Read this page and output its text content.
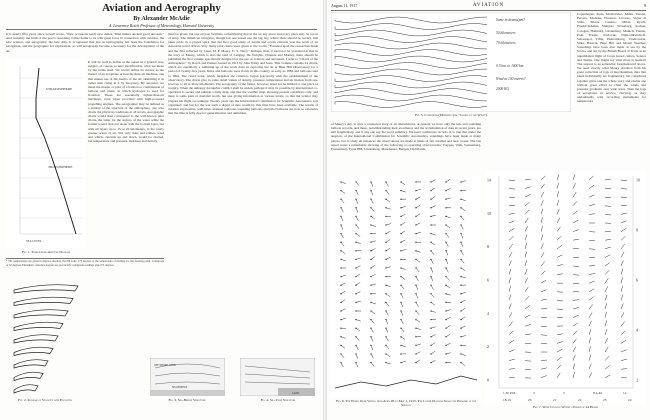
Aviation and Aerography
By Alexander McAdie
A. Lawrence Rotch Professor of Meteorology, Harvard University
It is nearly fifty years since Lowell wrote, "New occasions teach new duties. Time makes ancient good uncouth." And certainly the truth of the poet's reasoning comes home to us with great force in connection with aviation, the new science, and aerography, the new duty. It is apparent that just as hydrography has been the foundation for navigation, and the geographer for exploration, so will aerography become a necessity for the development of the air.
It will be well to define at the outset in a general way, subject, of course, to later modification, what we mean by the terms used. We would define an aviator as the master of an aeroplane or heavier-than-air machine, one that makes use of the inertia of the air, skimming it as rather than rising in it by buoyancy. By aeronaut, we mean the master or pilot of a balloon or combination of balloon and plane, in which hydrogen is used for flotation. These are essentially lighter-than-air machines, even when provided with high-powered propelling engines. The aerographer may be defined as a student of the structure of the atmosphere, one who charts the physical conditions at all levels. Aerographic charts would then correspond to the well-known pilot charts, the latter for the surface of the water while the former would deal not alone with the bottom layer, but with all layers up to 15 or 20 kilometers, in the vastly greater ocean of air. Not only tides and eddies, wind and whirls, currents up and down, would be charted, but temperature and pressure, moisture and density.
must be given, but one all past facilities, remembering that in the air any place and every place may be a port of entry. The American navigator, though but one vessel one the big bay, where there should be twenty, still takes pride in a proper spirit that the first good study of winds and ocean currents was the work of an American naval officer. Very many pilot charts were given to the world. "Founded upon the researches made and the data collected by Lieut. M. F. Maury, U. S. Navy." Perhaps, then, it need not be wondered at that in the navy of Maury, which is also the land of Langley, the Wrights, Chanute and Manley, there should be published the first volume specifically designed for the use of aviators and aeronauts. I refer to "Charts of the Atmosphere," by Rotch and Palmer, issued in 1911 by John Wiley and Sons. This volume contains 24 charts, which are essentially a summing up of the work done in exploring the air at Blue Hill Observatory for a period of twenty-five years. Kites and balloons were flown in this country as early as 1884 and balloons sent to 1904. The cloud work, which furnishes the criterion, began practically with the establishment of the observatory. The charts give in some detail values of density, pressure, temperature and air motion from sea-level up to 10 or more kilometers. The aerography of the future, however, must not be limited to one place or country. When the unhappy Kronprinz conflict shall be ended, perhaps it may be possible by international co-operation to secure and publish a daily map, and like the weather map, showing present conditions only, and there is some plan of doubtful worth, but one giving information at various levels, so that the aviator may prepare his flight accordingly. Twenty years ago the International Commission for Scientific Aeronautics was organized, and but for the war such a digest of data would by this time have been available. The results of aviation exploration, with kites, manned balloons, sounding balloons and pilot balloons are now so extensive that the time is fully ripe for generalization and definition.
STRATOSPHERE
TROPOSPHERE
SEA LEVEL
Fig. 1. Temperature-Altitude Diagram
* The temperatures are given in degrees absolute, the 0th scale, 273 degrees or the temperature of melting ice, the freezing point. Centigrade or 32 degrees Fahrenheit. Absolute degrees are practically Centigrade readings plus 273 degrees.
Fig. 2. Increase of Velocity with Elevation
OFF-SHORE WIND
SEA BREEZE
Fig. 3. Sea-Breeze Structure
LAND
Fig. 4. Sea-Turn Structure
August 11, 1917	AVIATION	9
Same in drama/pm?
50 kilometers
70 kilometers
0 5 km. to 1000 km
Wind at 100 metres?
2000 KG
Fig. 5. Conditions (Modified from "Charts of the Wind")
Copenhagen, Paris, Montevideo, Milan, Verona, Ferrara, Modena, Florence, Livorno, Vigna di Valle, Monte Cassino, Milan, Rysch, Friedrichshafen, Stuttgart, Strassburg, Aachen, Cologne, Hamburg, Lindenberg, Munich, Vienna, Pola, Trieste, Pavlovsk, Nijni-Olkvitchoff, Sebastopol, Tiflis, Ekaterinburg, Vladivostok, Sitka, Batavia, Blue Hill and Mount Weather. Soundings have been also made at sea by the Scotia, and not by the British Board of Trade as an unpublished flight of Coast Guard cutters, Seneca and Tampa. One might say what more is needed? The answer is as somewhat foreshadowed above. We need exactly what Maury obtained from his great collection of logs of merchantmen, data that taken individually are fragmentary, but considered together gives one the whole story and enable one without great effort to chart the winds and pressure gradients over wide areas. Thus the logs of aeroplanes in service, carrying, as they undoubtedly will, recording instruments for temperature
of Maury's day, to give a connected story of air disturbances, at present we have only the kite and sounding balloon records, and these, notwithstanding their excellence and the accumulation of data in recent years, are still fragmentary, and if any one say the word summary. We need continuous records. It is true that under the auspices of the International Commission for Scientific Aeronautics, soundings have been made at many places, but to study all instances the observations are made at times of fair weather and near coasts. The last report notes a remarkable showing of the following co-operating observatories: Trappes, Vinh, Sonnenberg, Friesenberg, Tyrus Hill, Lindenberg, Manchester, Bergen, Christiania,
Fig. 6. The Winds Over Vienna from April 26 to May 1, 1915. The Lower Diagram Shows the Pressure at the Surface
14
10
8
6
4
2
0
10
8
6
4
2
1.30 P.M.	3	5	8 A.M.	12
18-19	20	21	22	23	24
Fig. 7. Wind Changes Within a Period of 24 Hours
